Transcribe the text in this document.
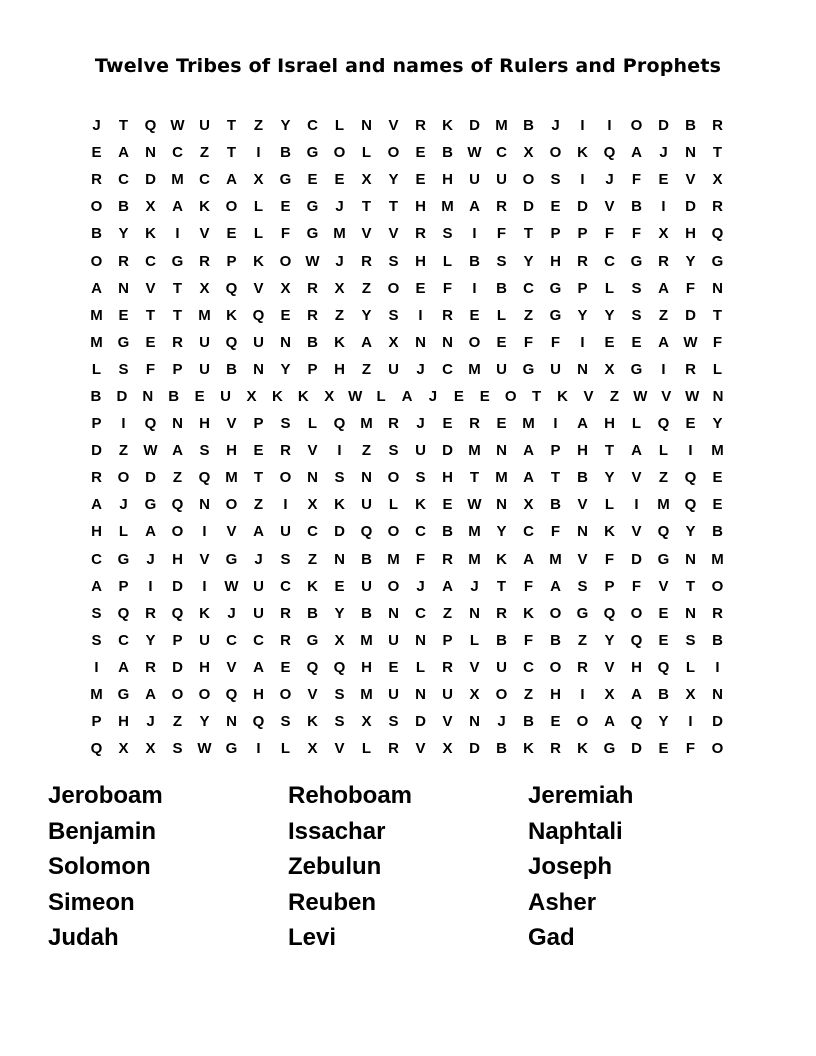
Twelve Tribes of Israel and names of Rulers and Prophets
J	T	Q W U	T	Z	Y	C	L	N	V	R	K	D	M	B	J	I	I	O	D	B	R
E	A	N	C	Z	T	I	B	G	O	L	O	E	B W C	X	O	K	Q	A	J	N	T
R	C	D	M	C	A	X	G	E	E	X	Y	E	H	U	U	O	S	I	J	F	E	V	X
O	B	X	A	K	O	L	E	G	J	T	T	H	M	A	R	D	E	D	V	B	I	D	R
B	Y	K	I	V	E	L	F	G M	V	V	R	S	I	F	T	P	P	F	F	X	H	Q
O	R	C	G	R	P	K	O W	J	R	S	H	L	B	S	Y	H	R	C	G	R	Y	G
A	N	V	T	X	Q	V	X	R	X	Z	O	E	F	I	B	C	G	P	L	S	A	F	N
M	E	T	T	M	K	Q	E	R	Z	Y	S	I	R	E	L	Z	G	Y	Y	S	Z	D	T
M G	E	R	U	Q	U	N	B	K	A	X	N	N	O	E	F	F	I	E	E	A W	F
L	S	F	P	U	B	N	Y	P	H	Z	U	J	C	M	U	G	U	N	X	G	I	R	L
B	D	N	B	E	U	X	K	K	X W L	A	J	E	E	O	T	K	V	Z W V W N
P	I	Q	N	H	V	P	S	L	Q M	R	J	E	R	E	M	I	A	H	L	Q	E	Y
D	Z	W A	S	H	E	R	V	I	Z	S	U	D	M	N	A	P	H	T	A	L	I	M
R	O	D	Z	Q M	T	O	N	S	N	O	S	H	T	M	A	T	B	Y	V	Z	Q	E
A	J	G	Q	N	O	Z	I	X	K	U	L	K	E W N	X	B	V	L	I	M Q	E
H	L	A	O	I	V	A	U	C	D	Q	O	C	B	M	Y	C	F	N	K	V	Q	Y	B
C	G	J	H	V	G	J	S	Z	N	B	M	F	R	M	K	A	M	V	F	D	G	N	M
A	P	I	D	I	W U	C	K	E	U	O	J	A	J	T	F	A	S	P	F	V	T	O
S	Q	R	Q	K	J	U	R	B	Y	B	N	C	Z	N	R	K	O	G	Q	O	E	N	R
S	C	Y	P	U	C	C	R	G	X	M	U	N	P	L	B	F	B	Z	Y	Q	E	S	B
I	A	R	D	H	V	A	E	Q	Q	H	E	L	R	V	U	C	O	R	V	H	Q	L	I
M G	A	O	O	Q	H	O	V	S	M	U	N	U	X	O	Z	H	I	X	A	B	X	N
P	H	J	Z	Y	N	Q	S	K	S	X	S	D	V	N	J	B	E	O	A	Q	Y	I	D
Q	X	X	S W G	I	L	X	V	L	R	V	X	D	B	K	R	K	G	D	E	F	O
Jeroboam	Rehoboam	Jeremiah
Benjamin	Issachar	Naphtali
Solomon	Zebulun	Joseph
Simeon	Reuben	Asher
Judah	Levi	Gad
